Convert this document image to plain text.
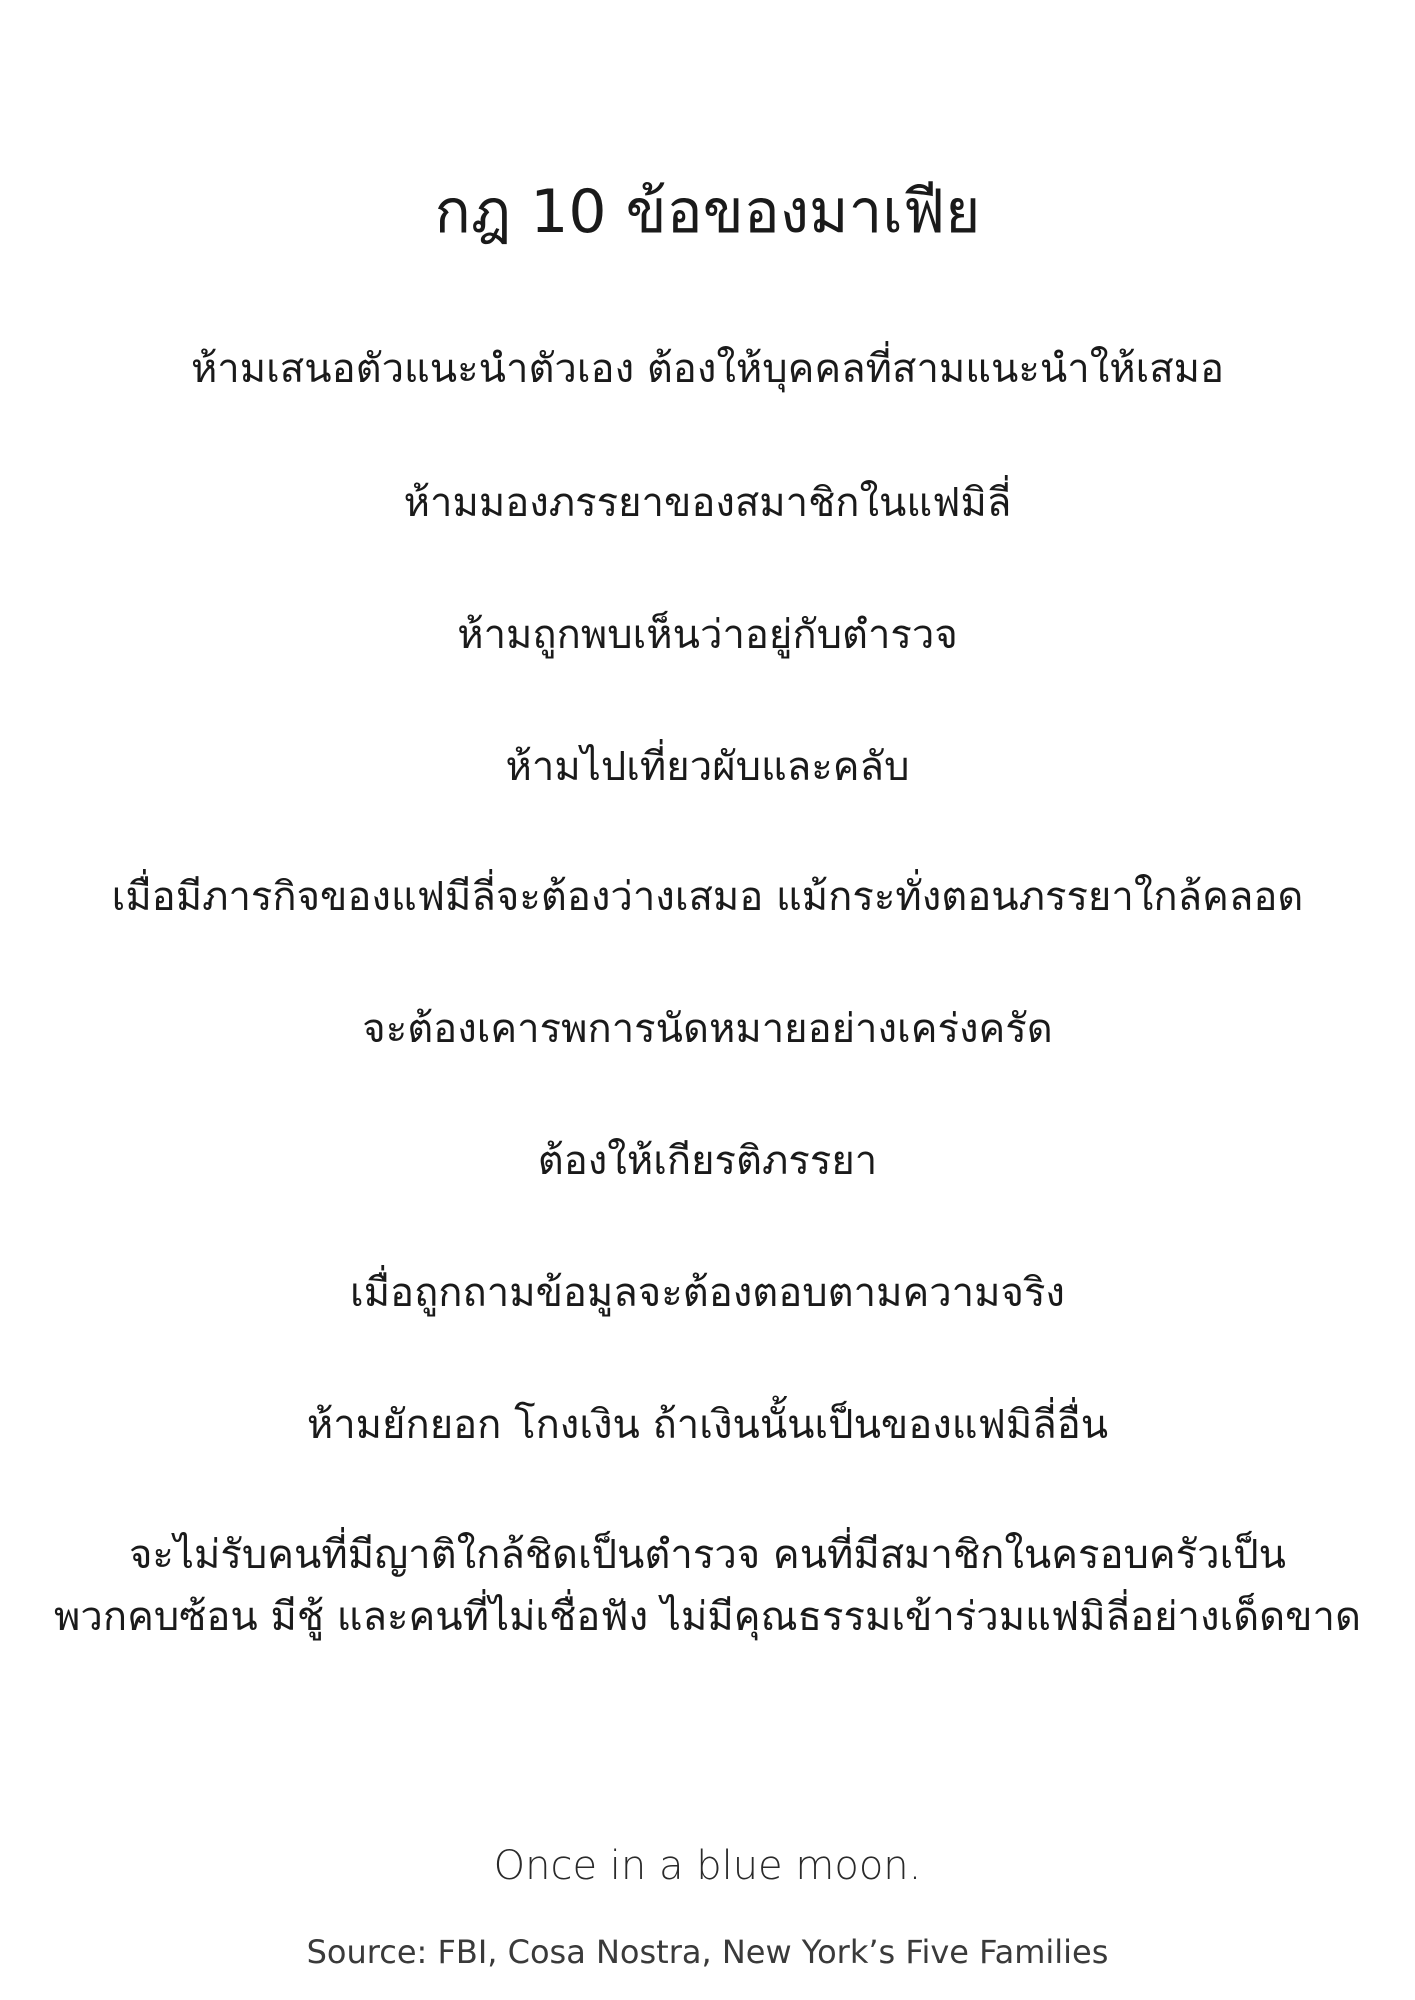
กฎ 10 ข้อของมาเฟีย
ห้ามเสนอตัวแนะนำตัวเอง ต้องให้บุคคลที่สามแนะนำให้เสมอ
ห้ามมองภรรยาของสมาชิกในแฟมิลี่
ห้ามถูกพบเห็นว่าอยู่กับตำรวจ
ห้ามไปเที่ยวผับและคลับ
เมื่อมีภารกิจของแฟมีลี่จะต้องว่างเสมอ แม้กระทั่งตอนภรรยาใกล้คลอด
จะต้องเคารพการนัดหมายอย่างเคร่งครัด
ต้องให้เกียรติภรรยา
เมื่อถูกถามข้อมูลจะต้องตอบตามความจริง
ห้ามยักยอก โกงเงิน ถ้าเงินนั้นเป็นของแฟมิลี่อื่น
จะไม่รับคนที่มีญาติใกล้ชิดเป็นตำรวจ คนที่มีสมาชิกในครอบครัวเป็น
พวกคบซ้อน มีชู้ และคนที่ไม่เชื่อฟัง ไม่มีคุณธรรมเข้าร่วมแฟมิลี่อย่างเด็ดขาด
Once in a blue moon.
Source: FBI, Cosa Nostra, New York’s Five Families
